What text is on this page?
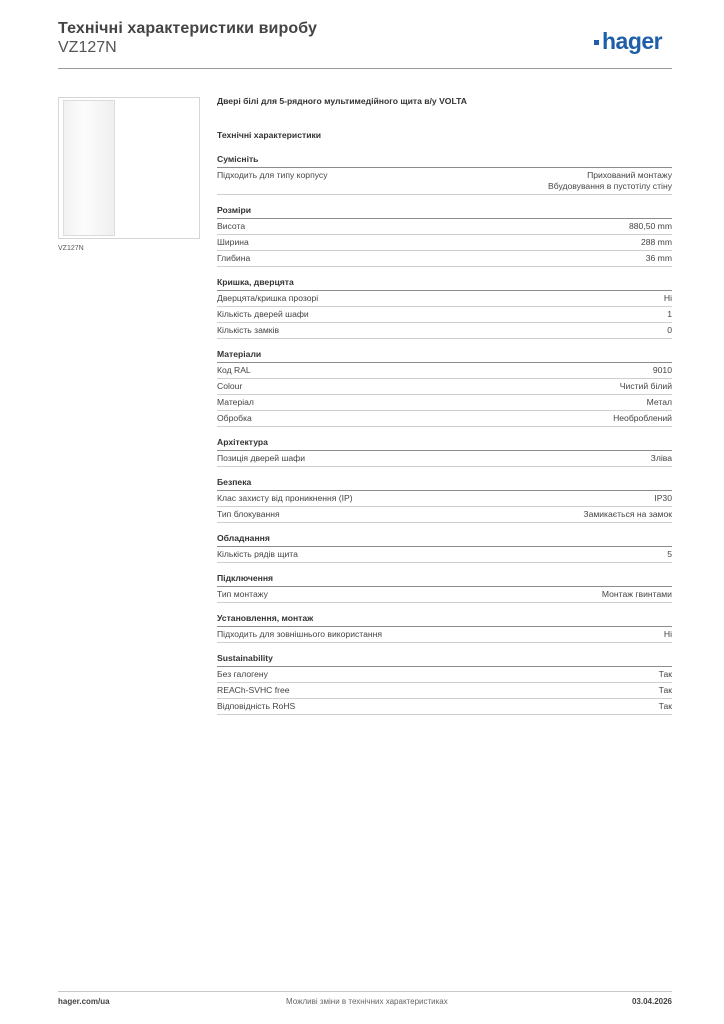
Технічні характеристики виробу
VZ127N	hager
VZ127N
Двері білі для 5-рядного мультимедійного щита в/у VOLTA
Технічні характеристики
Сумісніть
Підходить для типу корпусу	Прихований монтажу
Вбудовування в пустотілу стіну
Розміри
Висота	880,50 mm
Ширина	288 mm
Глибина	36 mm
Кришка, дверцята
Дверцята/кришка прозорі	Ні
Кількість дверей шафи	1
Кількість замків	0
Матеріали
Код RAL	9010
Colour	Чистий білий
Матеріал	Метал
Обробка	Необроблений
Архітектура
Позиція дверей шафи	Зліва
Безпека
Клас захисту від проникнення (IP)	IP30
Тип блокування	Замикається на замок
Обладнання
Кількість рядів щита	5
Підключення
Тип монтажу	Монтаж гвинтами
Установлення, монтаж
Підходить для зовнішнього використання	Ні
Sustainability
Без галогену	Так
REACh-SVHC free	Так
Відповідність RoHS	Так
hager.com/ua	Можливі зміни в технічних характеристиках	03.04.2026
